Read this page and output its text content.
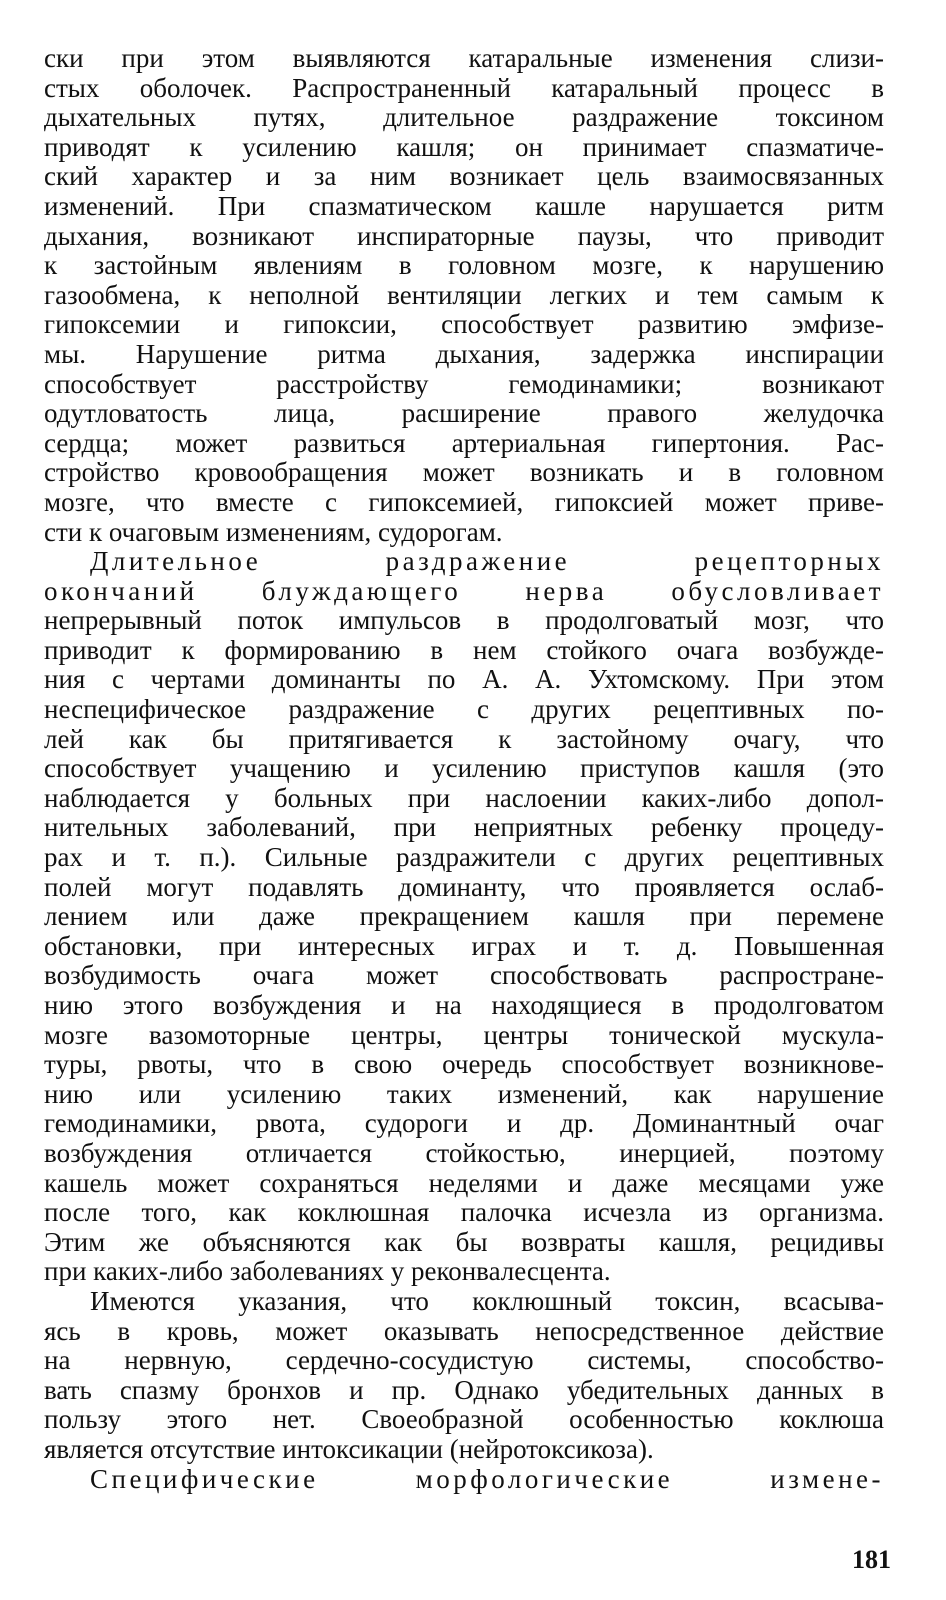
ски при этом выявляются катаральные изменения слизи-
стых оболочек. Распространенный катаральный процесс в
дыхательных путях, длительное раздражение токсином
приводят к усилению кашля; он принимает спазматиче-
ский характер и за ним возникает цель взаимосвязанных
изменений. При спазматическом кашле нарушается ритм
дыхания, возникают инспираторные паузы, что приводит
к застойным явлениям в головном мозге, к нарушению
газообмена, к неполной вентиляции легких и тем самым к
гипоксемии и гипоксии, способствует развитию эмфизе-
мы. Нарушение ритма дыхания, задержка инспирации
способствует расстройству гемодинамики; возникают
одутловатость лица, расширение правого желудочка
сердца; может развиться артериальная гипертония. Рас-
стройство кровообращения может возникать и в головном
мозге, что вместе с гипоксемией, гипоксией может приве-
сти к очаговым изменениям, судорогам.
Длительное раздражение рецепторных
окончаний блуждающего нерва обусловливает
непрерывный поток импульсов в продолговатый мозг, что
приводит к формированию в нем стойкого очага возбужде-
ния с чертами доминанты по А. А. Ухтомскому. При этом
неспецифическое раздражение с других рецептивных по-
лей как бы притягивается к застойному очагу, что
способствует учащению и усилению приступов кашля (это
наблюдается у больных при наслоении каких-либо допол-
нительных заболеваний, при неприятных ребенку процеду-
рах и т. п.). Сильные раздражители с других рецептивных
полей могут подавлять доминанту, что проявляется ослаб-
лением или даже прекращением кашля при перемене
обстановки, при интересных играх и т. д. Повышенная
возбудимость очага может способствовать распростране-
нию этого возбуждения и на находящиеся в продолговатом
мозге вазомоторные центры, центры тонической мускула-
туры, рвоты, что в свою очередь способствует возникнове-
нию или усилению таких изменений, как нарушение
гемодинамики, рвота, судороги и др. Доминантный очаг
возбуждения отличается стойкостью, инерцией, поэтому
кашель может сохраняться неделями и даже месяцами уже
после того, как коклюшная палочка исчезла из организма.
Этим же объясняются как бы возвраты кашля, рецидивы
при каких-либо заболеваниях у реконвалесцента.
Имеются указания, что коклюшный токсин, всасыва-
ясь в кровь, может оказывать непосредственное действие
на нервную, сердечно-сосудистую системы, способство-
вать спазму бронхов и пр. Однако убедительных данных в
пользу этого нет. Своеобразной особенностью коклюша
является отсутствие интоксикации (нейротоксикоза).
Специфические морфологические измене-
181
